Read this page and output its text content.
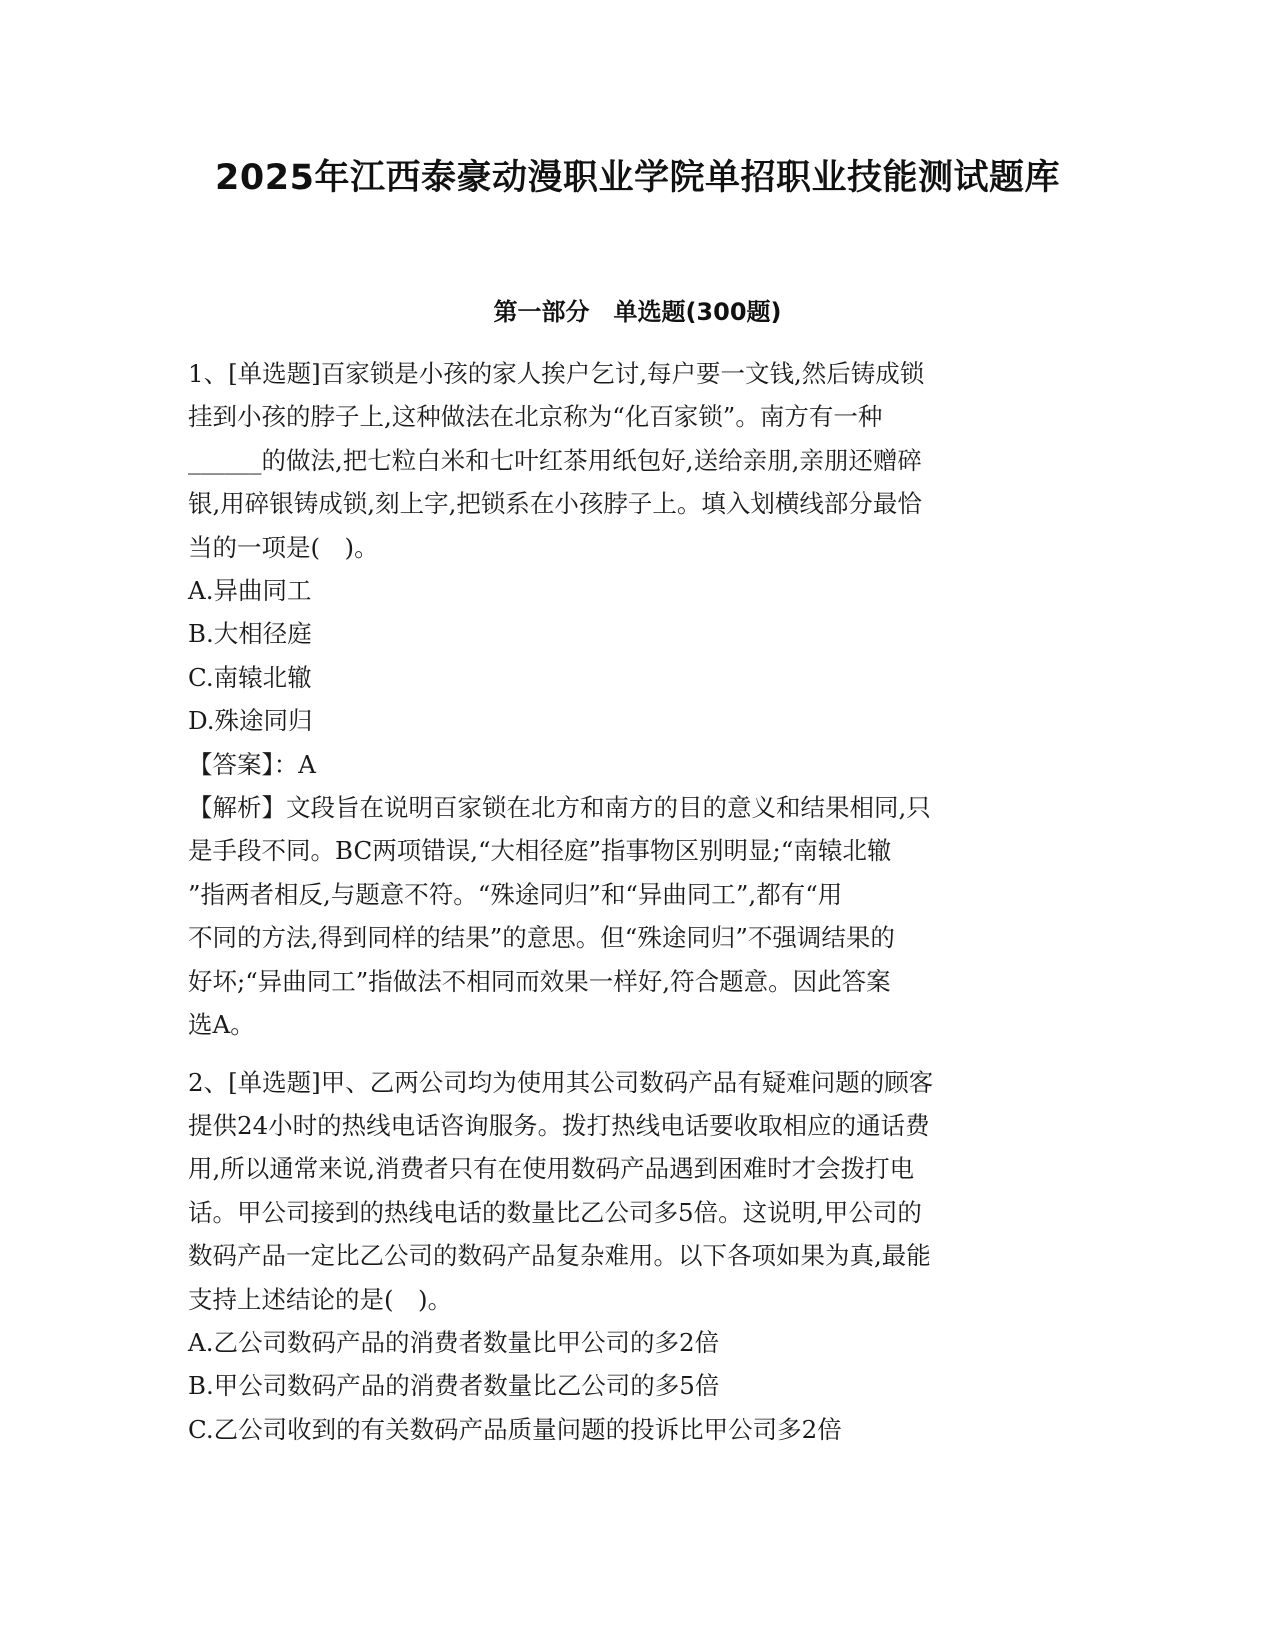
2025年江西泰豪动漫职业学院单招职业技能测试题库
第一部分　单选题(300题)
1、[单选题]百家锁是小孩的家人挨户乞讨,每户要一文钱,然后铸成锁
挂到小孩的脖子上,这种做法在北京称为“化百家锁”。南方有一种
______的做法,把七粒白米和七叶红茶用纸包好,送给亲朋,亲朋还赠碎
银,用碎银铸成锁,刻上字,把锁系在小孩脖子上。填入划横线部分最恰
当的一项是(　)。
A.异曲同工
B.大相径庭
C.南辕北辙
D.殊途同归
【答案】：A
【解析】文段旨在说明百家锁在北方和南方的目的意义和结果相同,只
是手段不同。BC两项错误,“大相径庭”指事物区别明显;“南辕北辙
”指两者相反,与题意不符。“殊途同归”和“异曲同工”,都有“用
不同的方法,得到同样的结果”的意思。但“殊途同归”不强调结果的
好坏;“异曲同工”指做法不相同而效果一样好,符合题意。因此答案
选A。
2、[单选题]甲、乙两公司均为使用其公司数码产品有疑难问题的顾客
提供24小时的热线电话咨询服务。拨打热线电话要收取相应的通话费
用,所以通常来说,消费者只有在使用数码产品遇到困难时才会拨打电
话。甲公司接到的热线电话的数量比乙公司多5倍。这说明,甲公司的
数码产品一定比乙公司的数码产品复杂难用。以下各项如果为真,最能
支持上述结论的是(　)。
A.乙公司数码产品的消费者数量比甲公司的多2倍
B.甲公司数码产品的消费者数量比乙公司的多5倍
C.乙公司收到的有关数码产品质量问题的投诉比甲公司多2倍
